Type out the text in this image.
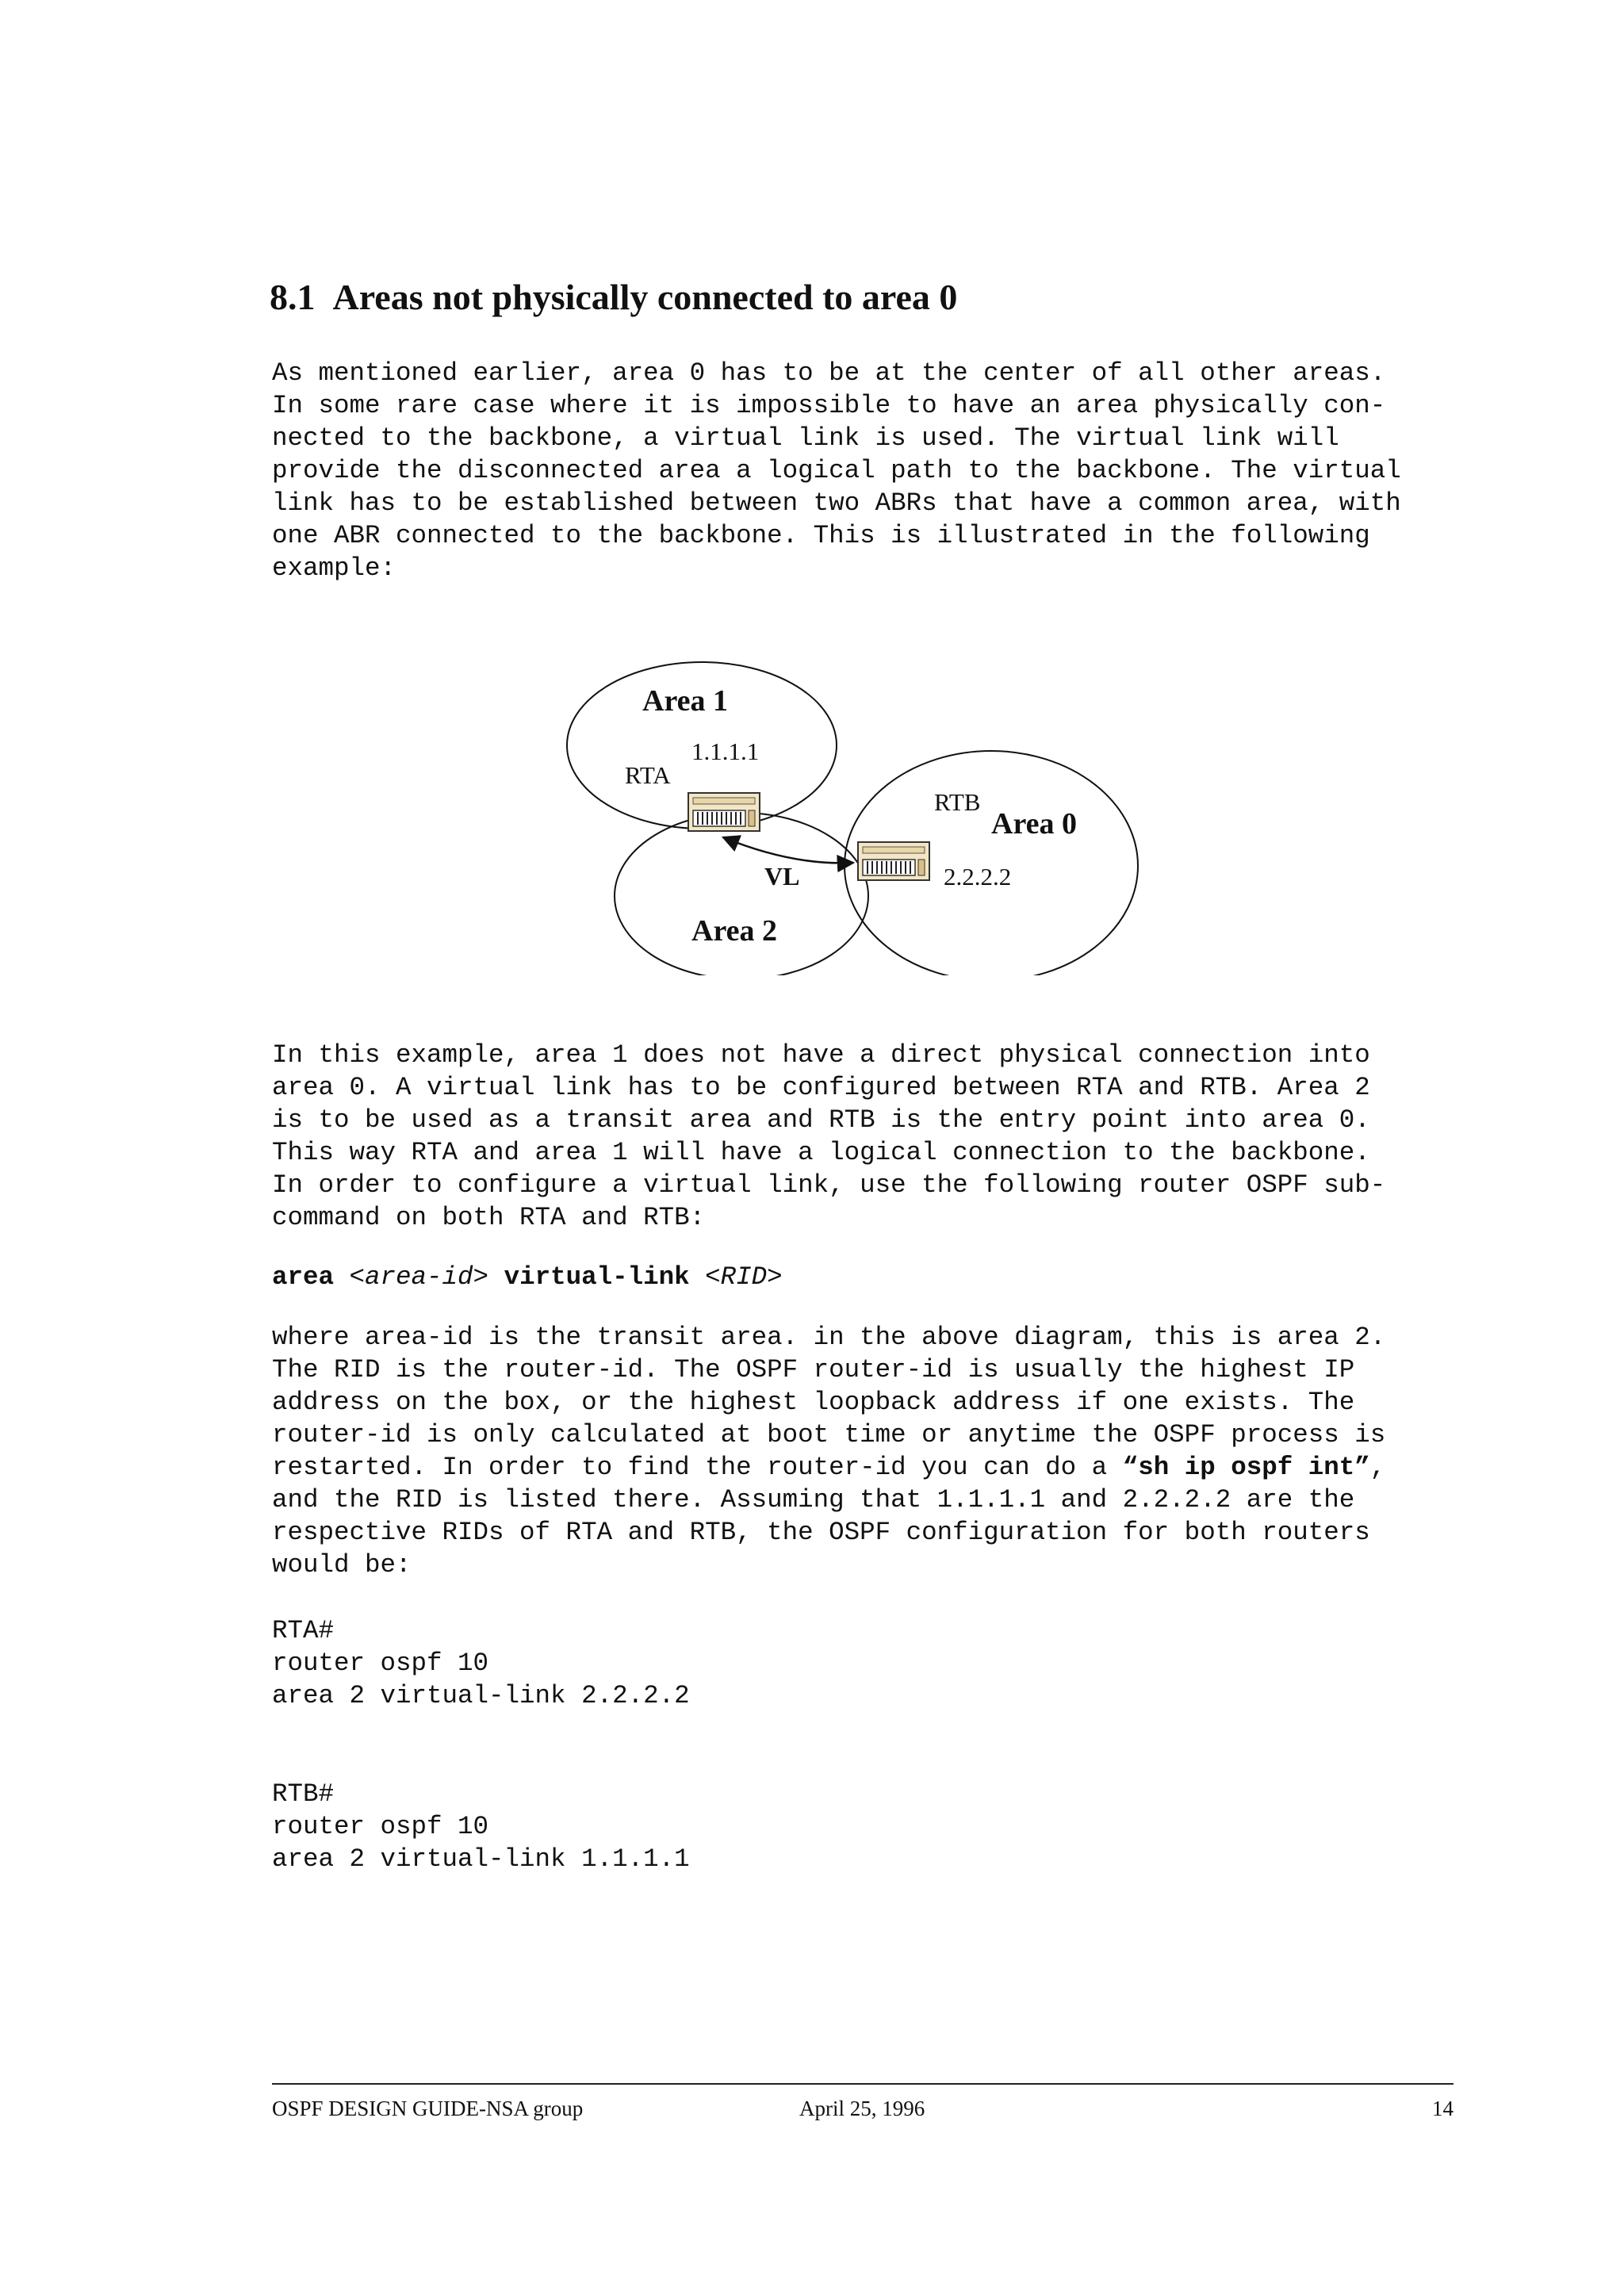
8.1 Areas not physically connected to area 0

As mentioned earlier, area 0 has to be at the center of all other areas.
In some rare case where it is impossible to have an area physically con-
nected to the backbone, a virtual link is used. The virtual link will
provide the disconnected area a logical path to the backbone. The virtual
link has to be established between two ABRs that have a common area, with
one ABR connected to the backbone. This is illustrated in the following
example:

Area 1
1.1.1.1
RTA
RTB
Area 0
VL	2.2.2.2
Area 2

In this example, area 1 does not have a direct physical connection into
area 0. A virtual link has to be configured between RTA and RTB. Area 2
is to be used as a transit area and RTB is the entry point into area 0.
This way RTA and area 1 will have a logical connection to the backbone.
In order to configure a virtual link, use the following router OSPF sub-
command on both RTA and RTB:

area <area-id> virtual-link <RID>

where area-id is the transit area. in the above diagram, this is area 2.
The RID is the router-id. The OSPF router-id is usually the highest IP
address on the box, or the highest loopback address if one exists. The
router-id is only calculated at boot time or anytime the OSPF process is
restarted. In order to find the router-id you can do a “sh ip ospf int”,
and the RID is listed there. Assuming that 1.1.1.1 and 2.2.2.2 are the
respective RIDs of RTA and RTB, the OSPF configuration for both routers
would be:

RTA#
router ospf 10
area 2 virtual-link 2.2.2.2
RTB#
router ospf 10
area 2 virtual-link 1.1.1.1

OSPF DESIGN GUIDE-NSA group	April 25, 1996	14
